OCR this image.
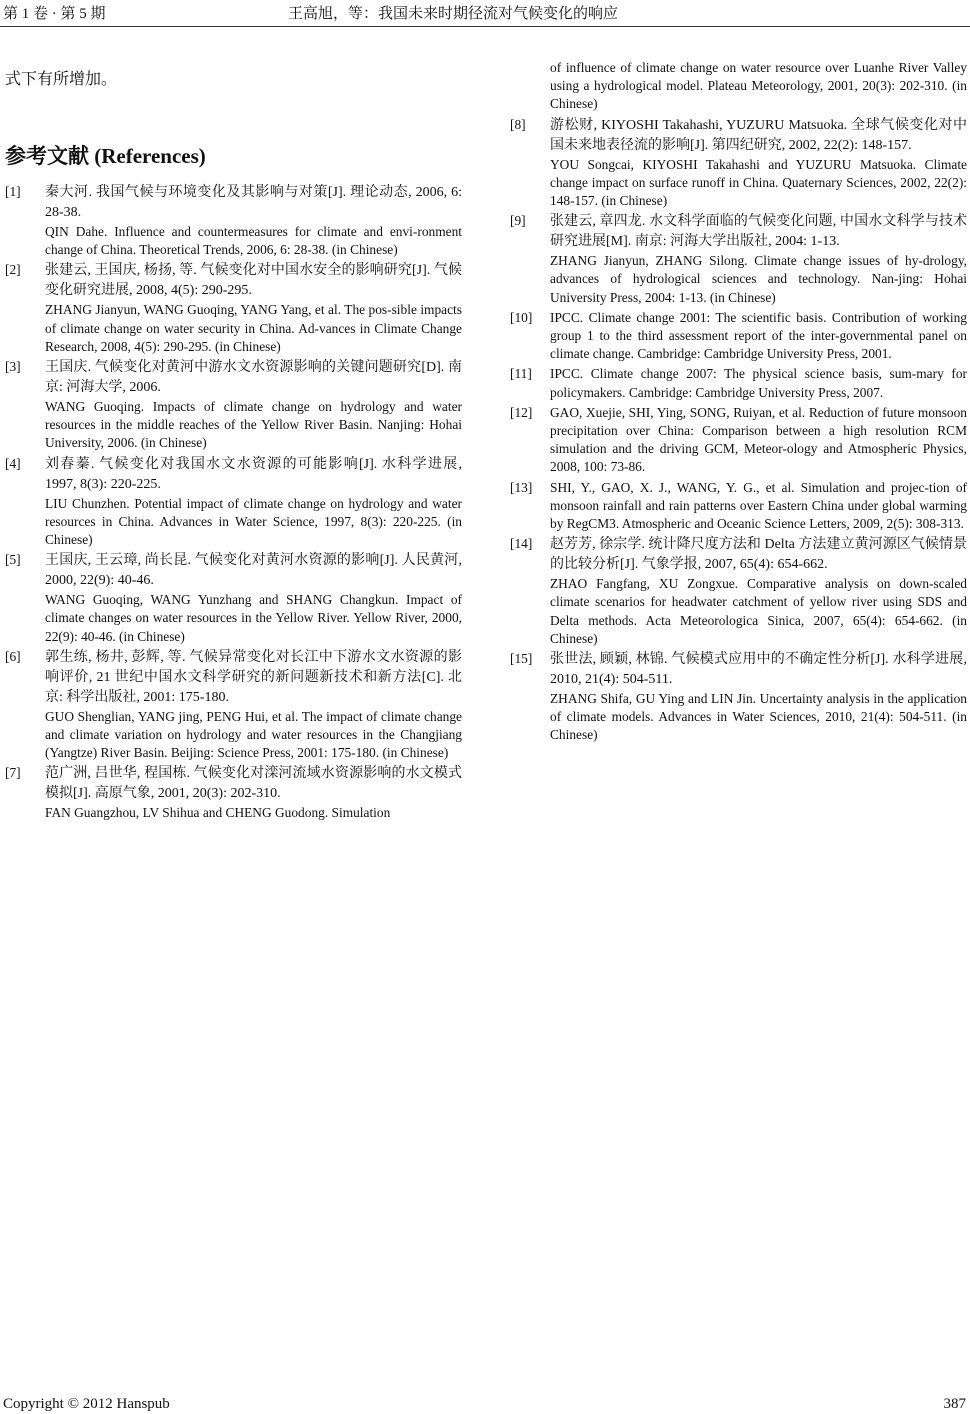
第 1 卷 · 第 5 期	王高旭，等：我国未来时期径流对气候变化的响应
式下有所增加。
参考文献 (References)
[1] 秦大河. 我国气候与环境变化及其影响与对策[J]. 理论动态, 2006, 6: 28-38.
QIN Dahe. Influence and countermeasures for climate and envi-ronment change of China. Theoretical Trends, 2006, 6: 28-38. (in Chinese)
[2] 张建云, 王国庆, 杨扬, 等. 气候变化对中国水安全的影响研究[J]. 气候变化研究进展, 2008, 4(5): 290-295.
ZHANG Jianyun, WANG Guoqing, YANG Yang, et al. The pos-sible impacts of climate change on water security in China. Ad-vances in Climate Change Research, 2008, 4(5): 290-295. (in Chinese)
[3] 王国庆. 气候变化对黄河中游水文水资源影响的关键问题研究[D]. 南京: 河海大学, 2006.
WANG Guoqing. Impacts of climate change on hydrology and water resources in the middle reaches of the Yellow River Basin. Nanjing: Hohai University, 2006. (in Chinese)
[4] 刘春蓁. 气候变化对我国水文水资源的可能影响[J]. 水科学进展, 1997, 8(3): 220-225.
LIU Chunzhen. Potential impact of climate change on hydrology and water resources in China. Advances in Water Science, 1997, 8(3): 220-225. (in Chinese)
[5] 王国庆, 王云璋, 尚长昆. 气候变化对黄河水资源的影响[J]. 人民黄河, 2000, 22(9): 40-46.
WANG Guoqing, WANG Yunzhang and SHANG Changkun. Impact of climate changes on water resources in the Yellow River. Yellow River, 2000, 22(9): 40-46. (in Chinese)
[6] 郭生练, 杨井, 彭辉, 等. 气候异常变化对长江中下游水文水资源的影响评价, 21 世纪中国水文科学研究的新问题新技术和新方法[C]. 北京: 科学出版社, 2001: 175-180.
GUO Shenglian, YANG jing, PENG Hui, et al. The impact of climate change and climate variation on hydrology and water resources in the Changjiang (Yangtze) River Basin. Beijing: Science Press, 2001: 175-180. (in Chinese)
[7] 范广洲, 吕世华, 程国栋. 气候变化对滦河流域水资源影响的水文模式模拟[J]. 高原气象, 2001, 20(3): 202-310.
FAN Guangzhou, LV Shihua and CHENG Guodong. Simulation
of influence of climate change on water resource over Luanhe River Valley using a hydrological model. Plateau Meteorology, 2001, 20(3): 202-310. (in Chinese)
[8] 游松财, KIYOSHI Takahashi, YUZURU Matsuoka. 全球气候变化对中国未来地表径流的影响[J]. 第四纪研究, 2002, 22(2): 148-157.
YOU Songcai, KIYOSHI Takahashi and YUZURU Matsuoka. Climate change impact on surface runoff in China. Quaternary Sciences, 2002, 22(2): 148-157. (in Chinese)
[9] 张建云, 章四龙. 水文科学面临的气候变化问题, 中国水文科学与技术研究进展[M]. 南京: 河海大学出版社, 2004: 1-13.
ZHANG Jianyun, ZHANG Silong. Climate change issues of hy-drology, advances of hydrological sciences and technology. Nan-jing: Hohai University Press, 2004: 1-13. (in Chinese)
[10] IPCC. Climate change 2001: The scientific basis. Contribution of working group 1 to the third assessment report of the inter-governmental panel on climate change. Cambridge: Cambridge University Press, 2001.
[11] IPCC. Climate change 2007: The physical science basis, sum-mary for policymakers. Cambridge: Cambridge University Press, 2007.
[12] GAO, Xuejie, SHI, Ying, SONG, Ruiyan, et al. Reduction of future monsoon precipitation over China: Comparison between a high resolution RCM simulation and the driving GCM, Meteor-ology and Atmospheric Physics, 2008, 100: 73-86.
[13] SHI, Y., GAO, X. J., WANG, Y. G., et al. Simulation and projec-tion of monsoon rainfall and rain patterns over Eastern China under global warming by RegCM3. Atmospheric and Oceanic Science Letters, 2009, 2(5): 308-313.
[14] 赵芳芳, 徐宗学. 统计降尺度方法和 Delta 方法建立黄河源区气候情景的比较分析[J]. 气象学报, 2007, 65(4): 654-662.
ZHAO Fangfang, XU Zongxue. Comparative analysis on down-scaled climate scenarios for headwater catchment of yellow river using SDS and Delta methods. Acta Meteorologica Sinica, 2007, 65(4): 654-662. (in Chinese)
[15] 张世法, 顾颖, 林锦. 气候模式应用中的不确定性分析[J]. 水科学进展, 2010, 21(4): 504-511.
ZHANG Shifa, GU Ying and LIN Jin. Uncertainty analysis in the application of climate models. Advances in Water Sciences, 2010, 21(4): 504-511. (in Chinese)
Copyright © 2012 Hanspub	387
